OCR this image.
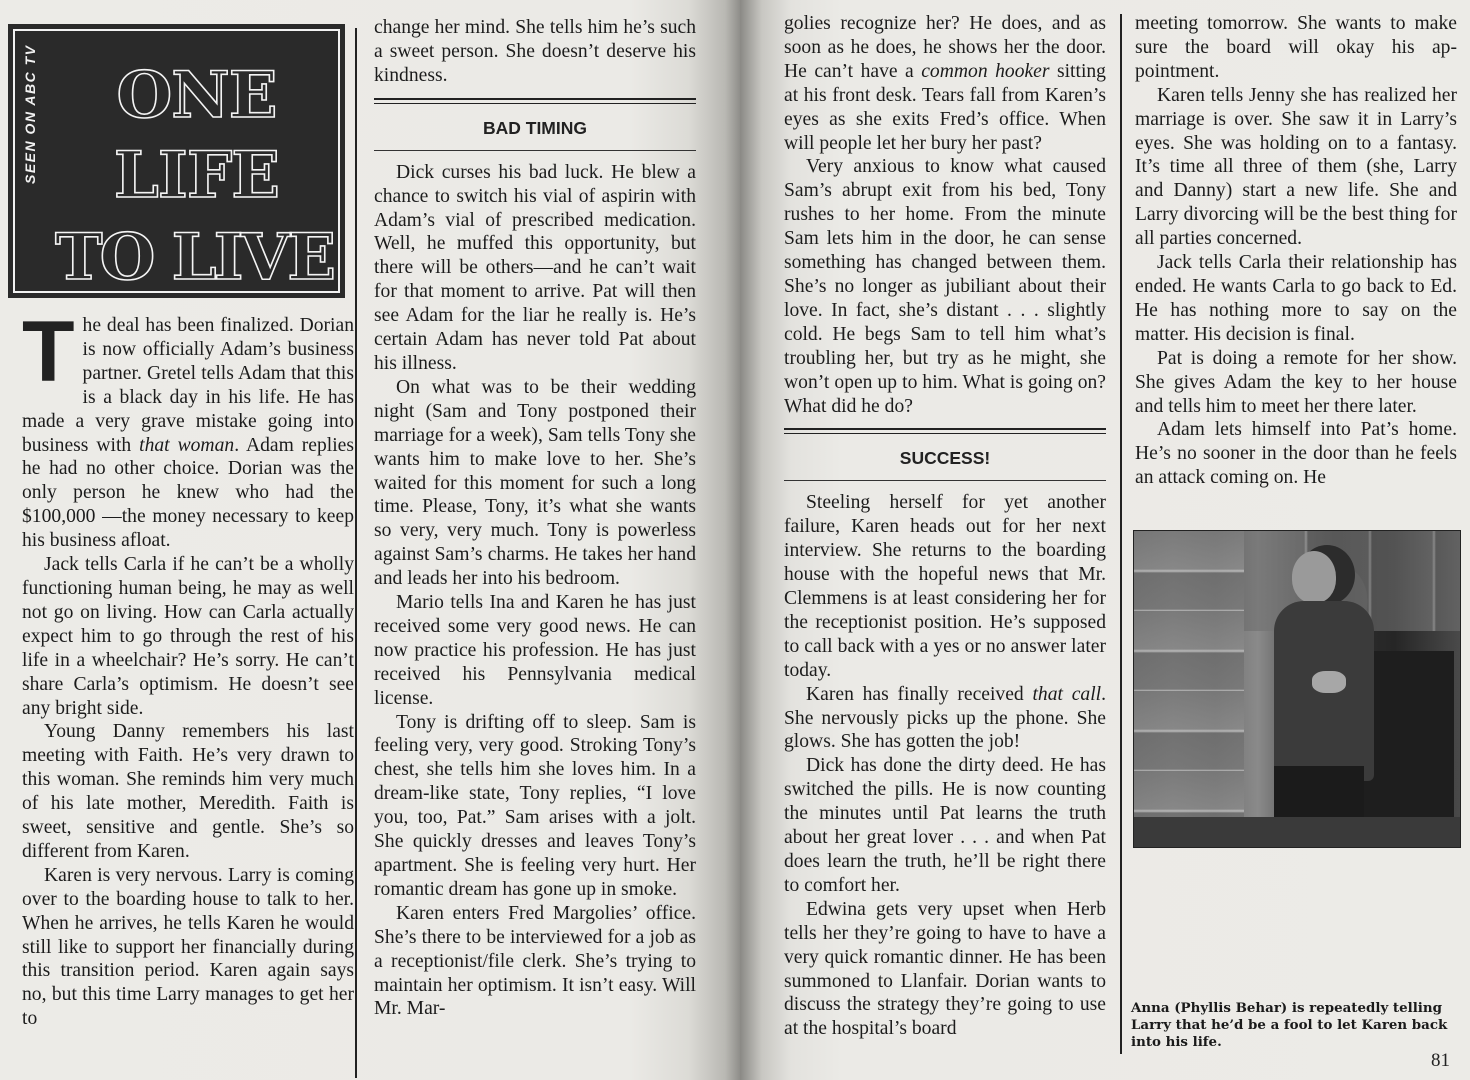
SEEN ON ABC TV	ONE
LIFE
TO LIVE

The deal has been finalized. Dorian is now officially Adam’s business partner. Gretel tells Adam that this is a black day in his life. He has made a very grave mistake going into business with that woman. Adam replies he had no other choice. Dorian was the only person he knew who had the $100,000 —the money necessary to keep his business afloat.

Jack tells Carla if he can’t be a wholly functioning human being, he may as well not go on living. How can Carla actually expect him to go through the rest of his life in a wheelchair? He’s sorry. He can’t share Carla’s optimism. He doesn’t see any bright side.

Young Danny remembers his last meeting with Faith. He’s very drawn to this woman. She reminds him very much of his late mother, Meredith. Faith is sweet, sensitive and gentle. She’s so different from Karen.

Karen is very nervous. Larry is coming over to the boarding house to talk to her. When he arrives, he tells Karen he would still like to support her financially during this transition period. Karen again says no, but this time Larry manages to get her to

change her mind. She tells him he’s such a sweet person. She doesn’t deserve his kindness.

BAD TIMING

Dick curses his bad luck. He blew a chance to switch his vial of aspirin with Adam’s vial of prescribed medication. Well, he muffed this opportunity, but there will be others—and he can’t wait for that moment to arrive. Pat will then see Adam for the liar he really is. He’s certain Adam has never told Pat about his illness.

On what was to be their wedding night (Sam and Tony postponed their marriage for a week), Sam tells Tony she wants him to make love to her. She’s waited for this moment for such a long time. Please, Tony, it’s what she wants so very, very much. Tony is powerless against Sam’s charms. He takes her hand and leads her into his bedroom.

Mario tells Ina and Karen he has just received some very good news. He can now practice his profession. He has just received his Pennsylvania medical license.

Tony is drifting off to sleep. Sam is feeling very, very good. Stroking Tony’s chest, she tells him she loves him. In a dream-like state, Tony replies, “I love you, too, Pat.” Sam arises with a jolt. She quickly dresses and leaves Tony’s apartment. She is feeling very hurt. Her romantic dream has gone up in smoke.

Karen enters Fred Margolies’ office. She’s there to be interviewed for a job as a receptionist/file clerk. She’s trying to maintain her optimism. It isn’t easy. Will Mr. Mar-

golies recognize her? He does, and as soon as he does, he shows her the door. He can’t have a common hooker sitting at his front desk. Tears fall from Karen’s eyes as she exits Fred’s office. When will people let her bury her past?

Very anxious to know what caused Sam’s abrupt exit from his bed, Tony rushes to her home. From the minute Sam lets him in the door, he can sense something has changed between them. She’s no longer as jubiliant about their love. In fact, she’s distant . . . slightly cold. He begs Sam to tell him what’s troubling her, but try as he might, she won’t open up to him. What is going on? What did he do?

SUCCESS!

Steeling herself for yet another failure, Karen heads out for her next interview. She returns to the boarding house with the hopeful news that Mr. Clemmens is at least considering her for the receptionist position. He’s supposed to call back with a yes or no answer later today.

Karen has finally received that call. She nervously picks up the phone. She glows. She has gotten the job!

Dick has done the dirty deed. He has switched the pills. He is now counting the minutes until Pat learns the truth about her great lover . . . and when Pat does learn the truth, he’ll be right there to comfort her.

Edwina gets very upset when Herb tells her they’re going to have to have a very quick romantic dinner. He has been summoned to Llanfair. Dorian wants to discuss the strategy they’re going to use at the hospital’s board

meeting tomorrow. She wants to make sure the board will okay his appointment.

Karen tells Jenny she has realized her marriage is over. She saw it in Larry’s eyes. She was holding on to a fantasy. It’s time all three of them (she, Larry and Danny) start a new life. She and Larry divorcing will be the best thing for all parties concerned.

Jack tells Carla their relationship has ended. He wants Carla to go back to Ed. He has nothing more to say on the matter. His decision is final.

Pat is doing a remote for her show. She gives Adam the key to her house and tells him to meet her there later.

Adam lets himself into Pat’s home. He’s no sooner in the door than he feels an attack coming on. He

Anna (Phyllis Behar) is repeatedly telling Larry that he’d be a fool to let Karen back into his life.
81
